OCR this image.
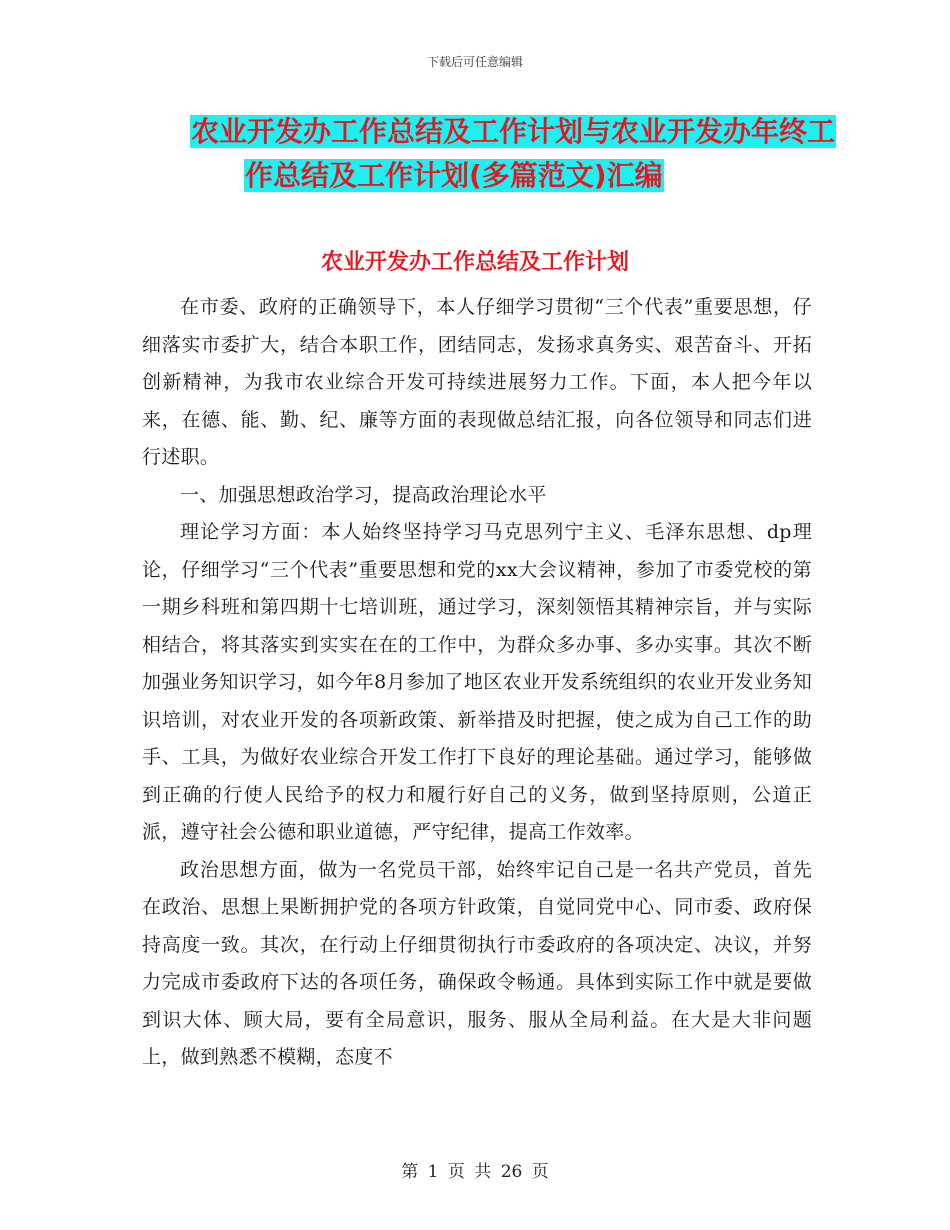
下载后可任意编辑
农业开发办工作总结及工作计划与农业开发办年终工
作总结及工作计划(多篇范文)汇编
农业开发办工作总结及工作计划

在市委、政府的正确领导下，本人仔细学习贯彻“三个代表”重要思想，仔细落实市委扩大，结合本职工作，团结同志，发扬求真务实、艰苦奋斗、开拓创新精神，为我市农业综合开发可持续进展努力工作。下面，本人把今年以来，在德、能、勤、纪、廉等方面的表现做总结汇报，向各位领导和同志们进行述职。

一、加强思想政治学习，提高政治理论水平

理论学习方面：本人始终坚持学习马克思列宁主义、毛泽东思想、dp理论，仔细学习“三个代表”重要思想和党的xx大会议精神，参加了市委党校的第一期乡科班和第四期十七培训班，通过学习，深刻领悟其精神宗旨，并与实际相结合，将其落实到实实在在的工作中，为群众多办事、多办实事。其次不断加强业务知识学习，如今年8月参加了地区农业开发系统组织的农业开发业务知识培训，对农业开发的各项新政策、新举措及时把握，使之成为自己工作的助手、工具，为做好农业综合开发工作打下良好的理论基础。通过学习，能够做到正确的行使人民给予的权力和履行好自己的义务，做到坚持原则，公道正派，遵守社会公德和职业道德，严守纪律，提高工作效率。

政治思想方面，做为一名党员干部，始终牢记自己是一名共产党员，首先在政治、思想上果断拥护党的各项方针政策，自觉同党中心、同市委、政府保持高度一致。其次，在行动上仔细贯彻执行市委政府的各项决定、决议，并努力完成市委政府下达的各项任务，确保政令畅通。具体到实际工作中就是要做到识大体、顾大局，要有全局意识，服务、服从全局利益。在大是大非问题上，做到熟悉不模糊，态度不

第 1 页 共 26 页
